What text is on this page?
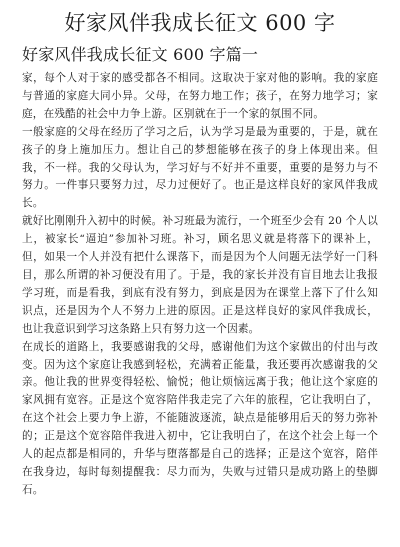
好家风伴我成长征文 600 字
好家风伴我成长征文 600 字篇一

家，每个人对于家的感受都各不相同。这取决于家对他的影响。我的家庭与普通的家庭大同小异。父母，在努力地工作；孩子，在努力地学习；家庭，在残酷的社会中力争上游。区别就在于一个家的氛围不同。

一般家庭的父母在经历了学习之后，认为学习是最为重要的，于是，就在孩子的身上施加压力。想让自己的梦想能够在孩子的身上体现出来。但我，不一样。我的父母认为，学习好与不好并不重要，重要的是努力与不努力。一件事只要努力过，尽力过便好了。也正是这样良好的家风伴我成长。

就好比刚刚升入初中的时候。补习班最为流行，一个班至少会有 20 个人以上，被家长“逼迫”参加补习班。补习，顾名思义就是将落下的课补上，但，如果一个人并没有把什么课落下，而是因为个人问题无法学好一门科目，那么所谓的补习便没有用了。于是，我的家长并没有盲目地去让我报学习班，而是看我，到底有没有努力，到底是因为在课堂上落下了什么知识点，还是因为个人不努力上进的原因。正是这样良好的家风伴我成长，也让我意识到学习这条路上只有努力这一个因素。

在成长的道路上，我要感谢我的父母，感谢他们为这个家做出的付出与改变。因为这个家庭让我感到轻松，充满着正能量，我还要再次感谢我的父亲。他让我的世界变得轻松、愉悦；他让烦恼远离于我；他让这个家庭的家风拥有宽容。正是这个宽容陪伴我走完了六年的旅程，它让我明白了，在这个社会上要力争上游，不能随波逐流，缺点是能够用后天的努力弥补的；正是这个宽容陪伴我进入初中，它让我明白了，在这个社会上每一个人的起点都是相同的，升华与堕落都是自己的选择；正是这个宽容，陪伴在我身边，每时每刻提醒我：尽力而为，失败与过错只是成功路上的垫脚石。
